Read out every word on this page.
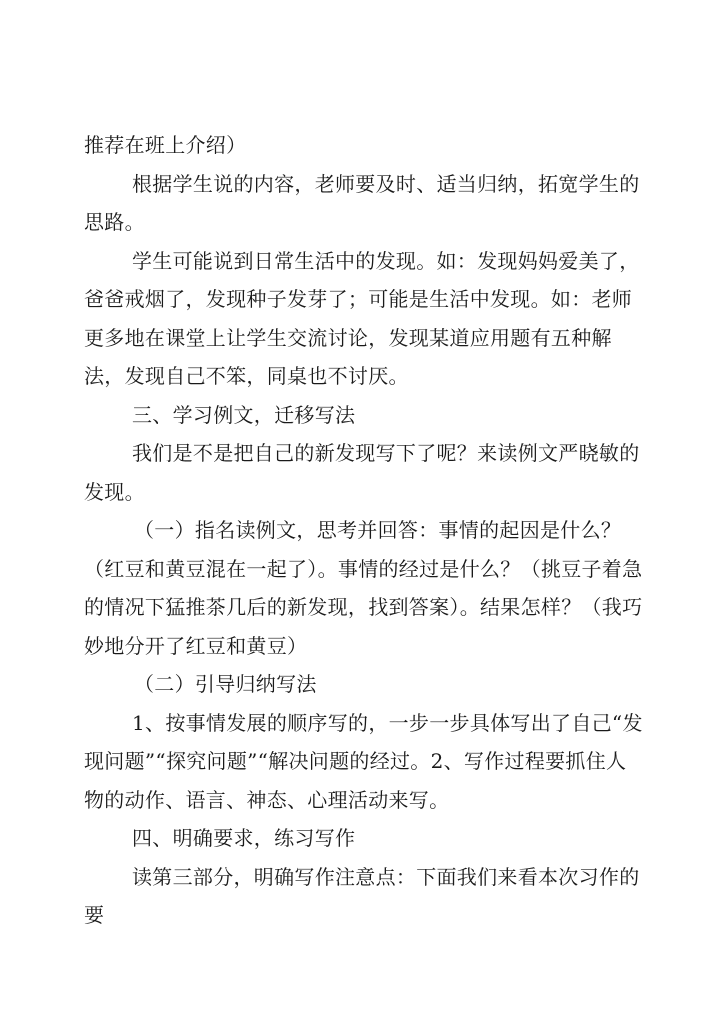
推荐在班上介绍）

根据学生说的内容，老师要及时、适当归纳，拓宽学生的思路。

学生可能说到日常生活中的发现。如：发现妈妈爱美了，爸爸戒烟了，发现种子发芽了；可能是生活中发现。如：老师更多地在课堂上让学生交流讨论，发现某道应用题有五种解法，发现自己不笨，同桌也不讨厌。

三、学习例文，迁移写法

我们是不是把自己的新发现写下了呢？来读例文严晓敏的发现。

（一）指名读例文，思考并回答：事情的起因是什么？（红豆和黄豆混在一起了）。事情的经过是什么？（挑豆子着急的情况下猛推茶几后的新发现，找到答案）。结果怎样？（我巧妙地分开了红豆和黄豆）

（二）引导归纳写法

1、按事情发展的顺序写的，一步一步具体写出了自己“发现问题”“探究问题”“解决问题的经过。2、写作过程要抓住人物的动作、语言、神态、心理活动来写。

四、明确要求，练习写作

读第三部分，明确写作注意点：下面我们来看本次习作的要
